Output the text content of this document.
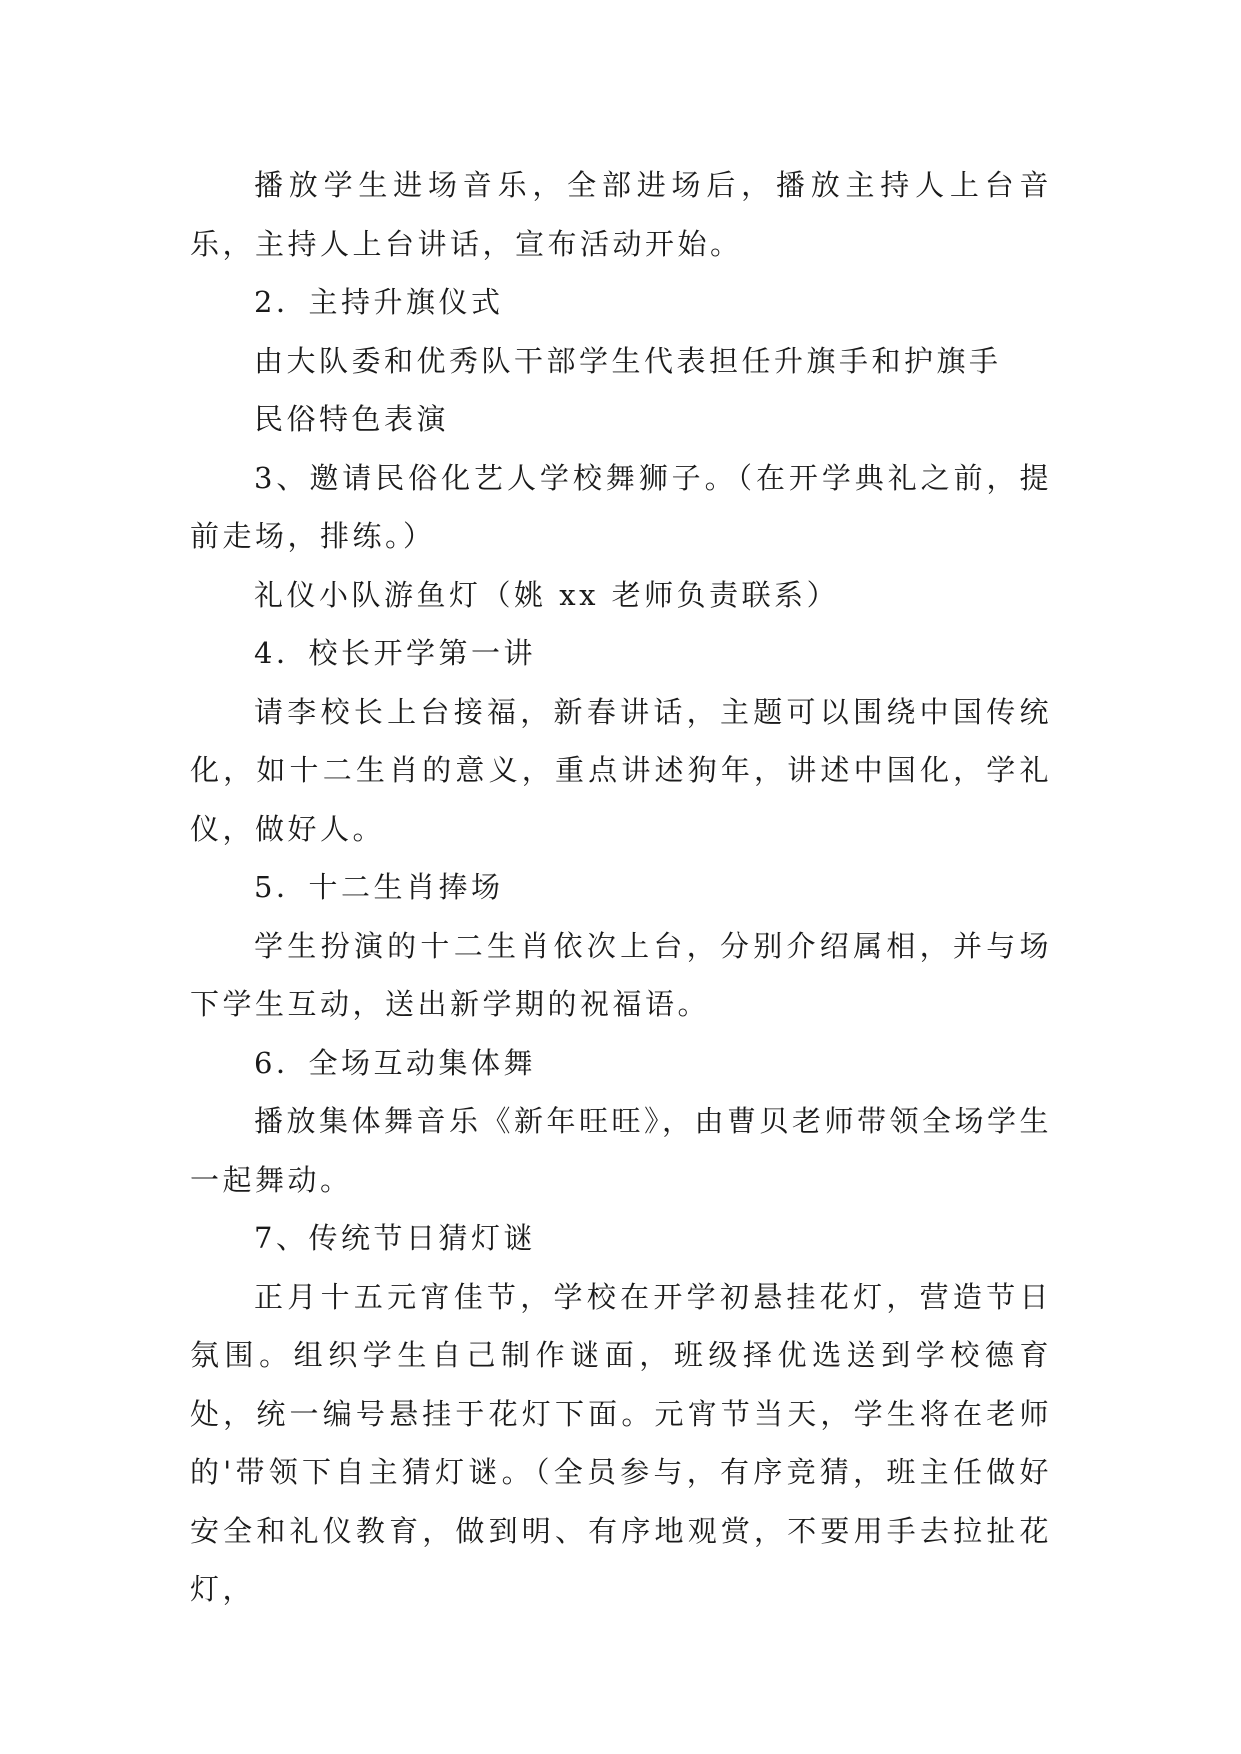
播放学生进场音乐，全部进场后，播放主持人上台音乐，主持人上台讲话，宣布活动开始。

2．主持升旗仪式

由大队委和优秀队干部学生代表担任升旗手和护旗手

民俗特色表演

3、邀请民俗化艺人学校舞狮子。（在开学典礼之前，提前走场，排练。）

礼仪小队游鱼灯（姚 xx 老师负责联系）

4．校长开学第一讲

请李校长上台接福，新春讲话，主题可以围绕中国传统化，如十二生肖的意义，重点讲述狗年，讲述中国化，学礼仪，做好人。

5．十二生肖捧场

学生扮演的十二生肖依次上台，分别介绍属相，并与场下学生互动，送出新学期的祝福语。

6．全场互动集体舞

播放集体舞音乐《新年旺旺》，由曹贝老师带领全场学生一起舞动。

7、传统节日猜灯谜

正月十五元宵佳节，学校在开学初悬挂花灯，营造节日氛围。组织学生自己制作谜面，班级择优选送到学校德育处，统一编号悬挂于花灯下面。元宵节当天，学生将在老师的'带领下自主猜灯谜。（全员参与，有序竞猜，班主任做好安全和礼仪教育，做到明、有序地观赏，不要用手去拉扯花灯，
